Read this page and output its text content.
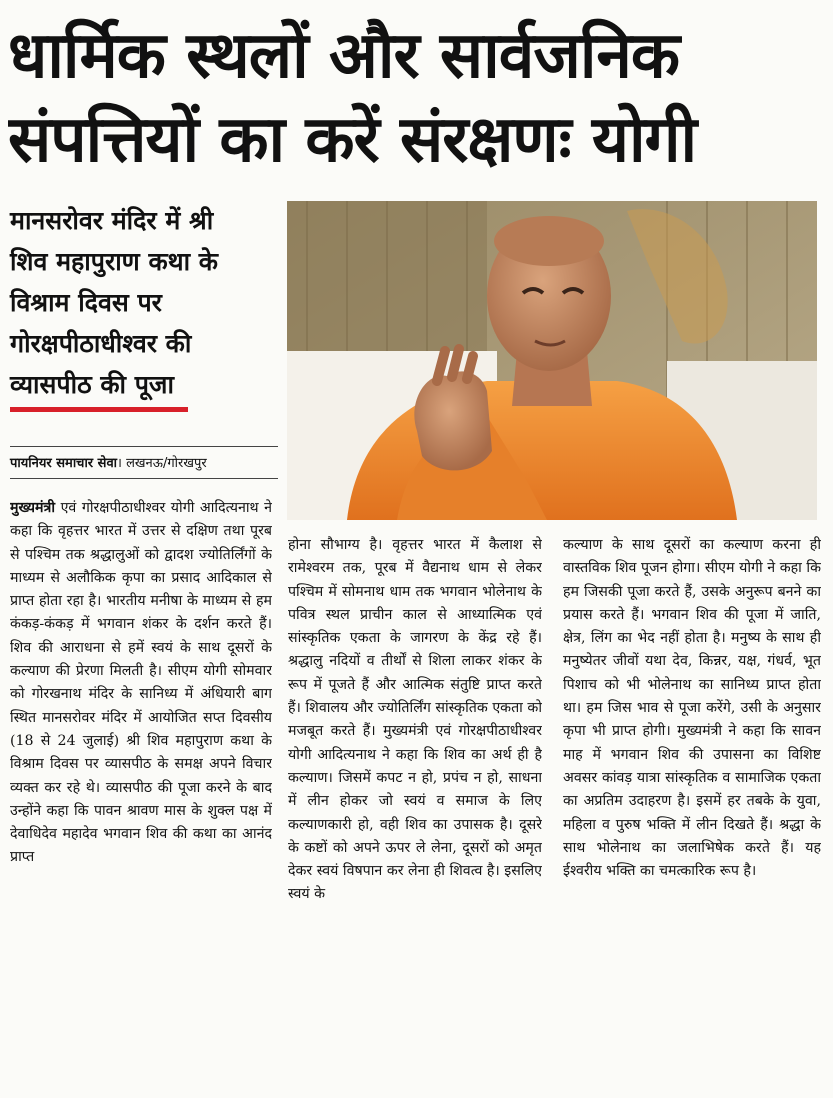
धार्मिक स्थलों और सार्वजनिक
संपत्तियों का करें संरक्षणः योगी
मानसरोवर मंदिर में श्री
शिव महापुराण कथा के
विश्राम दिवस पर
गोरक्षपीठाधीश्वर की
व्यासपीठ की पूजा
पायनियर समाचार सेवा। लखनऊ/गोरखपुर
मुख्यमंत्री एवं गोरक्षपीठाधीश्वर योगी आदित्यनाथ ने कहा कि वृहत्तर भारत में उत्तर से दक्षिण तथा पूरब से पश्चिम तक श्रद्धालुओं को द्वादश ज्योतिर्लिंगों के माध्यम से अलौकिक कृपा का प्रसाद आदिकाल से प्राप्त होता रहा है। भारतीय मनीषा के माध्यम से हम कंकड़-कंकड़ में भगवान शंकर के दर्शन करते हैं। शिव की आराधना से हमें स्वयं के साथ दूसरों के कल्याण की प्रेरणा मिलती है। सीएम योगी सोमवार को गोरखनाथ मंदिर के सानिध्य में अंधियारी बाग स्थित मानसरोवर मंदिर में आयोजित सप्त दिवसीय (18 से 24 जुलाई) श्री शिव महापुराण कथा के विश्राम दिवस पर व्यासपीठ के समक्ष अपने विचार व्यक्त कर रहे थे। व्यासपीठ की पूजा करने के बाद उन्होंने कहा कि पावन श्रावण मास के शुक्ल पक्ष में देवाधिदेव महादेव भगवान शिव की कथा का आनंद प्राप्त
होना सौभाग्य है। वृहत्तर भारत में कैलाश से रामेश्वरम तक, पूरब में वैद्यनाथ धाम से लेकर पश्चिम में सोमनाथ धाम तक भगवान भोलेनाथ के पवित्र स्थल प्राचीन काल से आध्यात्मिक एवं सांस्कृतिक एकता के जागरण के केंद्र रहे हैं। श्रद्धालु नदियों व तीर्थों से शिला लाकर शंकर के रूप में पूजते हैं और आत्मिक संतुष्टि प्राप्त करते हैं। शिवालय और ज्योतिर्लिंग सांस्कृतिक एकता को मजबूत करते हैं। मुख्यमंत्री एवं गोरक्षपीठाधीश्वर योगी आदित्यनाथ ने कहा कि शिव का अर्थ ही है कल्याण। जिसमें कपट न हो, प्रपंच न हो, साधना में लीन होकर जो स्वयं व समाज के लिए कल्याणकारी हो, वही शिव का उपासक है। दूसरे के कष्टों को अपने ऊपर ले लेना, दूसरों को अमृत देकर स्वयं विषपान कर लेना ही शिवत्व है। इसलिए स्वयं के
कल्याण के साथ दूसरों का कल्याण करना ही वास्तविक शिव पूजन होगा। सीएम योगी ने कहा कि हम जिसकी पूजा करते हैं, उसके अनुरूप बनने का प्रयास करते हैं। भगवान शिव की पूजा में जाति, क्षेत्र, लिंग का भेद नहीं होता है। मनुष्य के साथ ही मनुष्येतर जीवों यथा देव, किन्नर, यक्ष, गंधर्व, भूत पिशाच को भी भोलेनाथ का सानिध्य प्राप्त होता था। हम जिस भाव से पूजा करेंगे, उसी के अनुसार कृपा भी प्राप्त होगी। मुख्यमंत्री ने कहा कि सावन माह में भगवान शिव की उपासना का विशिष्ट अवसर कांवड़ यात्रा सांस्कृतिक व सामाजिक एकता का अप्रतिम उदाहरण है। इसमें हर तबके के युवा, महिला व पुरुष भक्ति में लीन दिखते हैं। श्रद्धा के साथ भोलेनाथ का जलाभिषेक करते हैं। यह ईश्वरीय भक्ति का चमत्कारिक रूप है।
